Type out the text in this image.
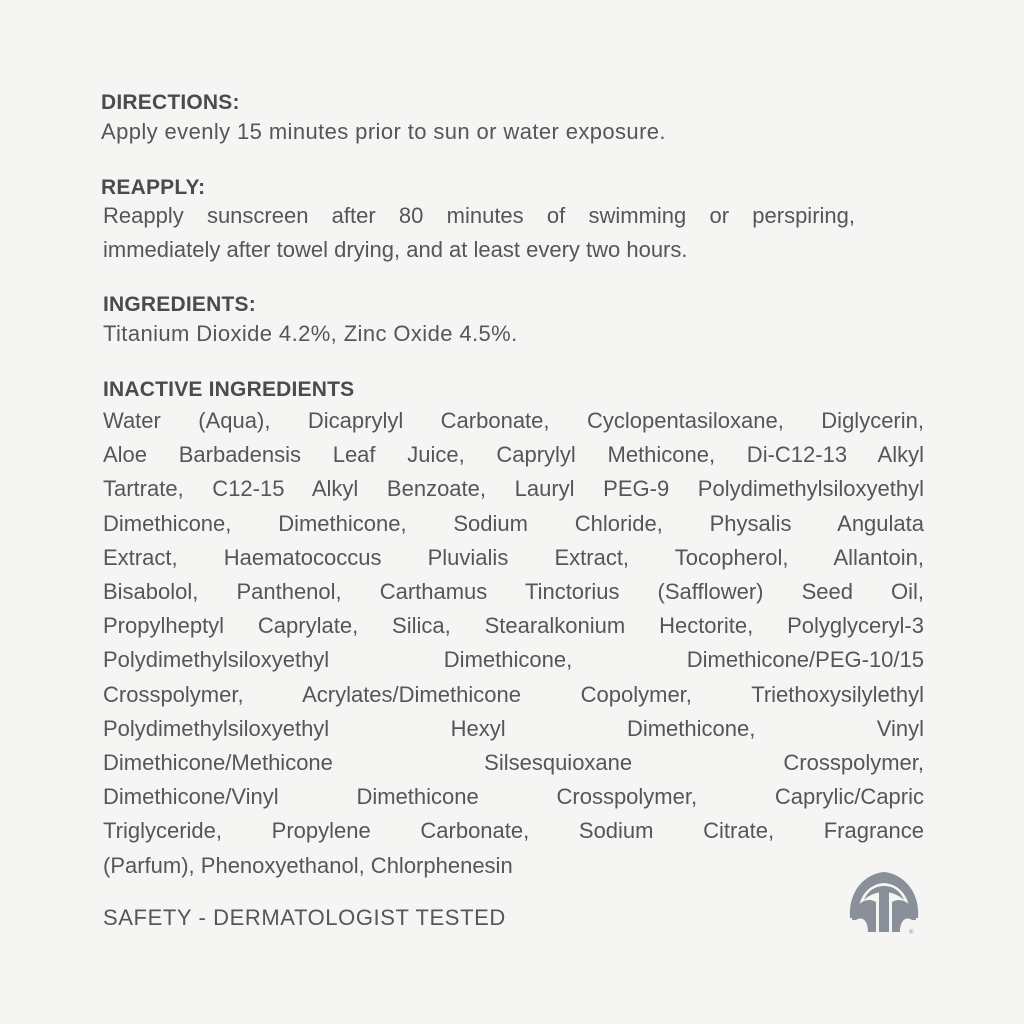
DIRECTIONS:
Apply evenly 15 minutes prior to sun or water exposure.
REAPPLY:
Reapply sunscreen after 80 minutes of swimming or perspiring,
immediately after towel drying, and at least every two hours.
INGREDIENTS:
Titanium Dioxide 4.2%, Zinc Oxide 4.5%.
INACTIVE INGREDIENTS
Water (Aqua), Dicaprylyl Carbonate, Cyclopentasiloxane, Diglycerin,
Aloe Barbadensis Leaf Juice, Caprylyl Methicone, Di-C12-13 Alkyl
Tartrate, C12-15 Alkyl Benzoate, Lauryl PEG-9 Polydimethylsiloxyethyl
Dimethicone, Dimethicone, Sodium Chloride, Physalis Angulata
Extract, Haematococcus Pluvialis Extract, Tocopherol, Allantoin,
Bisabolol, Panthenol, Carthamus Tinctorius (Safflower) Seed Oil,
Propylheptyl Caprylate, Silica, Stearalkonium Hectorite, Polyglyceryl-3
Polydimethylsiloxyethyl Dimethicone, Dimethicone/PEG-10/15
Crosspolymer, Acrylates/Dimethicone Copolymer, Triethoxysilylethyl
Polydimethylsiloxyethyl Hexyl Dimethicone, Vinyl
Dimethicone/Methicone Silsesquioxane Crosspolymer,
Dimethicone/Vinyl Dimethicone Crosspolymer, Caprylic/Capric
Triglyceride, Propylene Carbonate, Sodium Citrate, Fragrance
(Parfum), Phenoxyethanol, Chlorphenesin
SAFETY - DERMATOLOGIST TESTED
®
